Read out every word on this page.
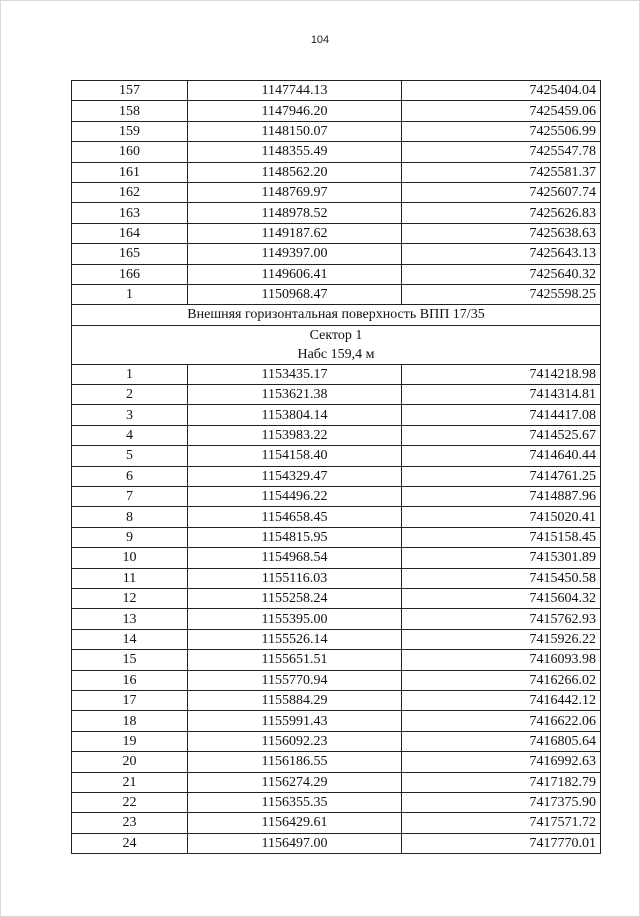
104
157	1147744.13	7425404.04
158	1147946.20	7425459.06
159	1148150.07	7425506.99
160	1148355.49	7425547.78
161	1148562.20	7425581.37
162	1148769.97	7425607.74
163	1148978.52	7425626.83
164	1149187.62	7425638.63
165	1149397.00	7425643.13
166	1149606.41	7425640.32
1	1150968.47	7425598.25
Внешняя горизонтальная поверхность ВПП 17/35		

Сектор 1
Набс 159,4 м		

1	1153435.17	7414218.98
2	1153621.38	7414314.81
3	1153804.14	7414417.08
4	1153983.22	7414525.67
5	1154158.40	7414640.44
6	1154329.47	7414761.25
7	1154496.22	7414887.96
8	1154658.45	7415020.41
9	1154815.95	7415158.45
10	1154968.54	7415301.89
11	1155116.03	7415450.58
12	1155258.24	7415604.32
13	1155395.00	7415762.93
14	1155526.14	7415926.22
15	1155651.51	7416093.98
16	1155770.94	7416266.02
17	1155884.29	7416442.12
18	1155991.43	7416622.06
19	1156092.23	7416805.64
20	1156186.55	7416992.63
21	1156274.29	7417182.79
22	1156355.35	7417375.90
23	1156429.61	7417571.72
24	1156497.00	7417770.01
